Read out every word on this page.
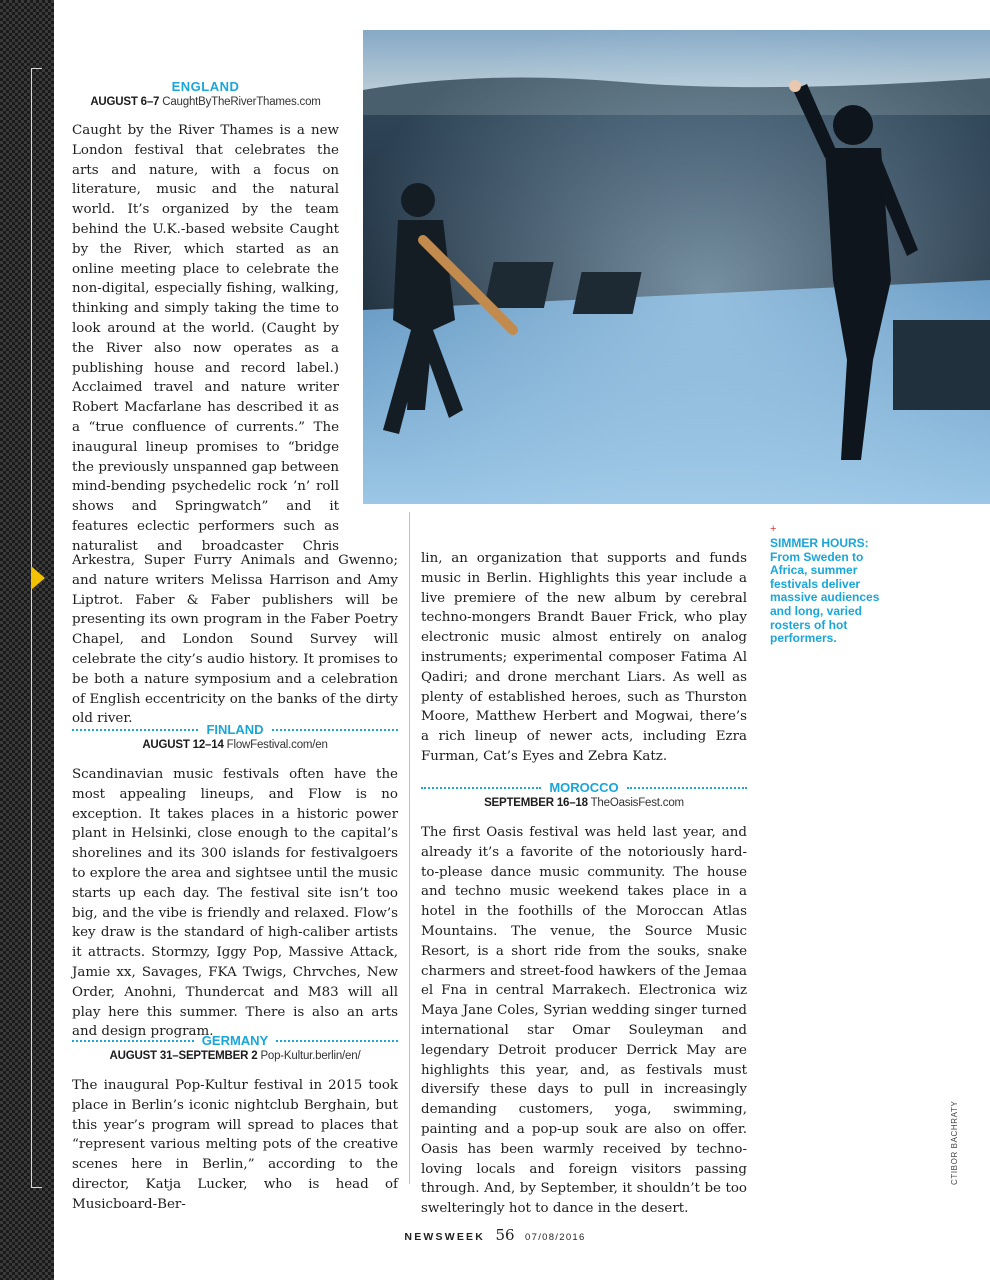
ENGLAND
AUGUST 6–7 CaughtByTheRiverThames.com

Caught by the River Thames is a new London festival that celebrates the arts and nature, with a focus on literature, music and the natural world. It’s organized by the team behind the U.K.-based website Caught by the River, which started as an online meeting place to celebrate the non-digital, especially fishing, walking, thinking and simply taking the time to look around at the world. (Caught by the River also now operates as a publishing house and record label.) Acclaimed travel and nature writer Robert Macfarlane has described it as a “true confluence of currents.” The inaugural lineup promises to “bridge the previously unspanned gap between mind-bending psychedelic rock ’n’ roll shows and Springwatch” and it features eclectic performers such as naturalist and broadcaster Chris

Arkestra, Super Furry Animals and Gwenno; and nature writers Melissa Harrison and Amy Liptrot. Faber & Faber publishers will be presenting its own program in the Faber Poetry Chapel, and London Sound Survey will celebrate the city’s audio history. It promises to be both a nature symposium and a celebration of English eccentricity on the banks of the dirty old river.

FINLAND
AUGUST 12–14 FlowFestival.com/en

Scandinavian music festivals often have the most appealing lineups, and Flow is no exception. It takes places in a historic power plant in Helsinki, close enough to the capital’s shorelines and its 300 islands for festivalgoers to explore the area and sightsee until the music starts up each day. The festival site isn’t too big, and the vibe is friendly and relaxed. Flow’s key draw is the standard of high-caliber artists it attracts. Stormzy, Iggy Pop, Massive Attack, Jamie xx, Savages, FKA Twigs, Chrvches, New Order, Anohni, Thundercat and M83 will all play here this summer. There is also an arts and design program.

GERMANY
AUGUST 31–SEPTEMBER 2 Pop-Kultur.berlin/en/

The inaugural Pop-Kultur festival in 2015 took place in Berlin’s iconic nightclub Berghain, but this year’s program will spread to places that “represent various melting pots of the creative scenes here in Berlin,” according to the director, Katja Lucker, who is head of Musicboard-Ber-

lin, an organization that supports and funds music in Berlin. Highlights this year include a live premiere of the new album by cerebral techno-mongers Brandt Bauer Frick, who play electronic music almost entirely on analog instruments; experimental composer Fatima Al Qadiri; and drone merchant Liars. As well as plenty of established heroes, such as Thurston Moore, Matthew Herbert and Mogwai, there’s a rich lineup of newer acts, including Ezra Furman, Cat’s Eyes and Zebra Katz.

MOROCCO
SEPTEMBER 16–18 TheOasisFest.com

The first Oasis festival was held last year, and already it’s a favorite of the notoriously hard-to-please dance music community. The house and techno music weekend takes place in a hotel in the foothills of the Moroccan Atlas Mountains. The venue, the Source Music Resort, is a short ride from the souks, snake charmers and street-food hawkers of the Jemaa el Fna in central Marrakech. Electronica wiz Maya Jane Coles, Syrian wedding singer turned international star Omar Souleyman and legendary Detroit producer Derrick May are highlights this year, and, as festivals must diversify these days to pull in increasingly demanding customers, yoga, swimming, painting and a pop-up souk are also on offer. Oasis has been warmly received by techno-loving locals and foreign visitors passing through. And, by September, it shouldn’t be too swelteringly hot to dance in the desert.

+
SIMMER HOURS: From Sweden to Africa, summer festivals deliver massive audiences and long, varied rosters of hot performers.
CTIBOR BACHRATY
NEWSWEEK 56 07/08/2016
